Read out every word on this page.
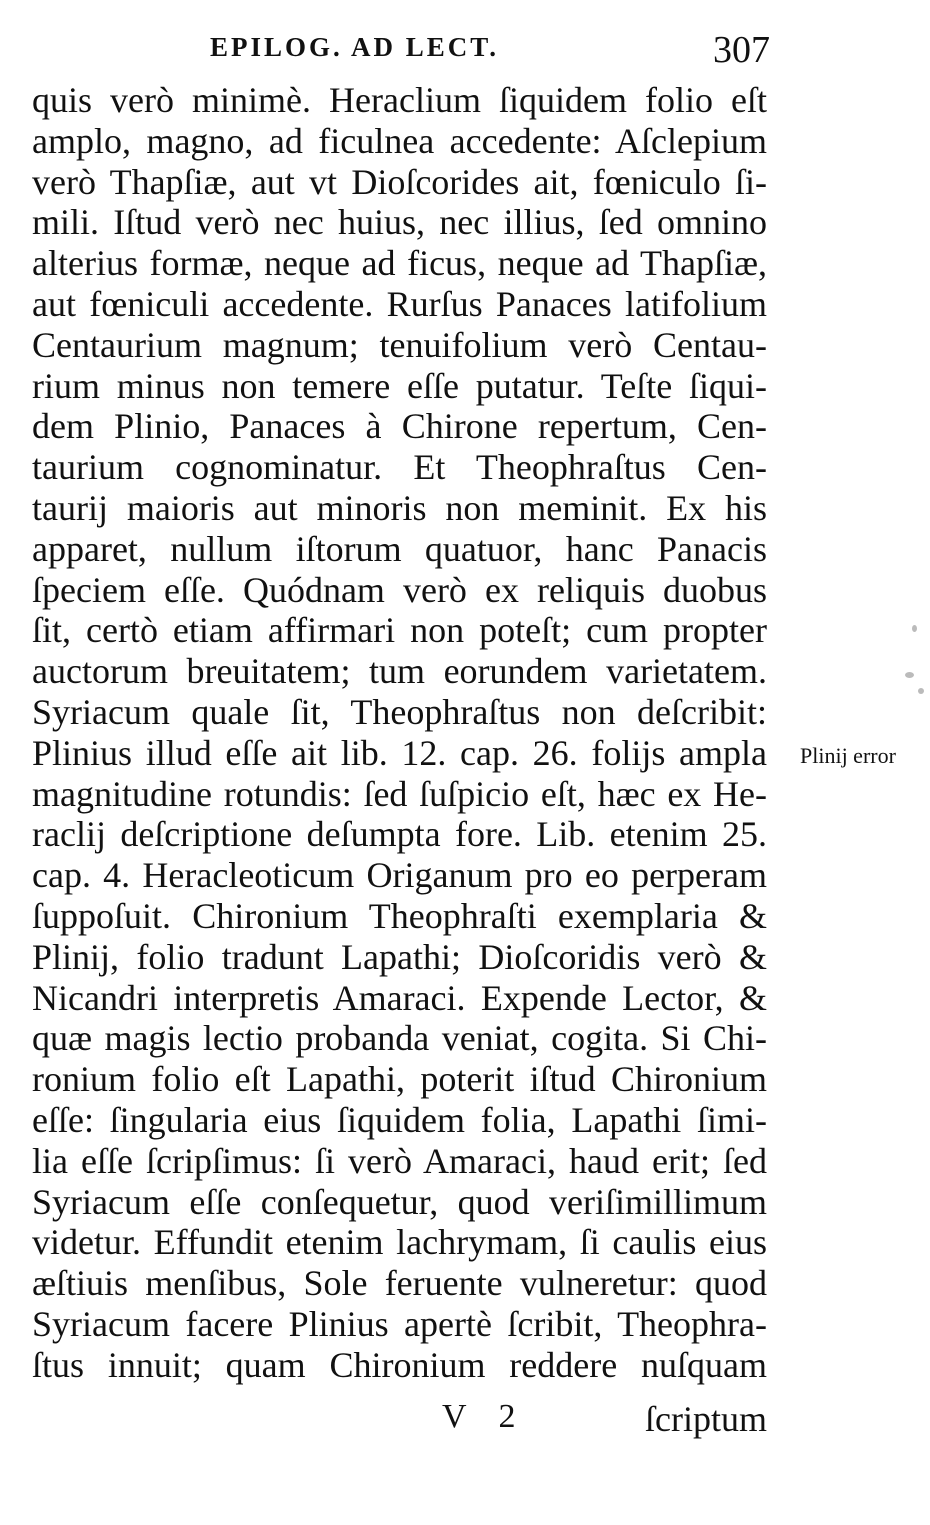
EPILOG. AD LECT.	307
quis verò minimè. Heraclium ſiquidem folio eſt
amplo, magno, ad ficulnea accedente: Aſclepium
verò Thapſiæ, aut vt Dioſcorides ait, fœniculo ſi-
mili. Iſtud verò nec huius, nec illius, ſed omnino
alterius formæ, neque ad ficus, neque ad Thapſiæ,
aut fœniculi accedente. Rurſus Panaces latifolium
Centaurium magnum; tenuifolium verò Centau-
rium minus non temere eſſe putatur. Teſte ſiqui-
dem Plinio, Panaces à Chirone repertum, Cen-
taurium cognominatur. Et Theophraſtus Cen-
taurij maioris aut minoris non meminit. Ex his
apparet, nullum iſtorum quatuor, hanc Panacis
ſpeciem eſſe. Quódnam verò ex reliquis duobus
ſit, certò etiam affirmari non poteſt; cum propter
auctorum breuitatem; tum eorundem varietatem.
Syriacum quale ſit, Theophraſtus non deſcribit:
Plinius illud eſſe ait lib. 12. cap. 26. folijs ampla
magnitudine rotundis: ſed ſuſpicio eſt, hæc ex He-
raclij deſcriptione deſumpta fore. Lib. etenim 25.
cap. 4. Heracleoticum Origanum pro eo perperam
ſuppoſuit. Chironium Theophraſti exemplaria &
Plinij, folio tradunt Lapathi; Dioſcoridis verò &
Nicandri interpretis Amaraci. Expende Lector, &
quæ magis lectio probanda veniat, cogita. Si Chi-
ronium folio eſt Lapathi, poterit iſtud Chironium
eſſe: ſingularia eius ſiquidem folia, Lapathi ſimi-
lia eſſe ſcripſimus: ſi verò Amaraci, haud erit; ſed
Syriacum eſſe conſequetur, quod veriſimillimum
videtur. Effundit etenim lachrymam, ſi caulis eius
æſtiuis menſibus, Sole feruente vulneretur: quod
Syriacum facere Plinius apertè ſcribit, Theophra-
ſtus innuit; quam Chironium reddere nuſquam
Plinij error
V 2	ſcriptum
